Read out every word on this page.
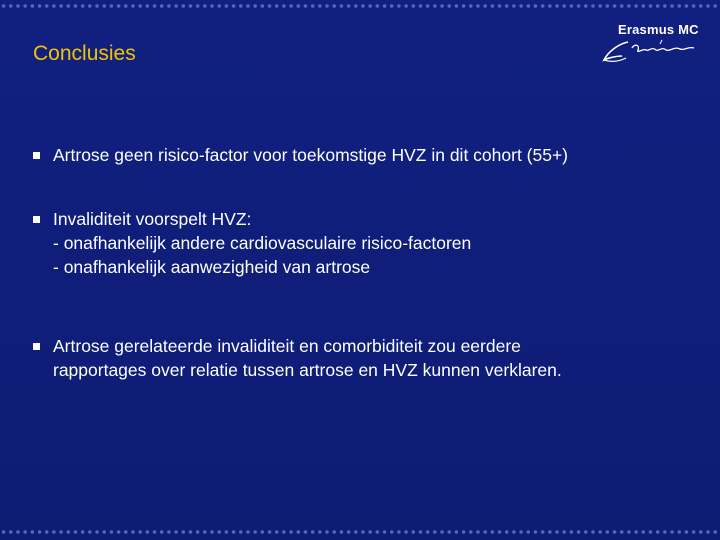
Conclusies
Erasmus MC
Artrose geen risico-factor voor toekomstige HVZ in dit cohort (55+)
Invaliditeit voorspelt HVZ:
- onafhankelijk andere cardiovasculaire risico-factoren
- onafhankelijk aanwezigheid van artrose
Artrose gerelateerde invaliditeit en comorbiditeit zou eerdere
rapportages over relatie tussen artrose en HVZ kunnen verklaren.
